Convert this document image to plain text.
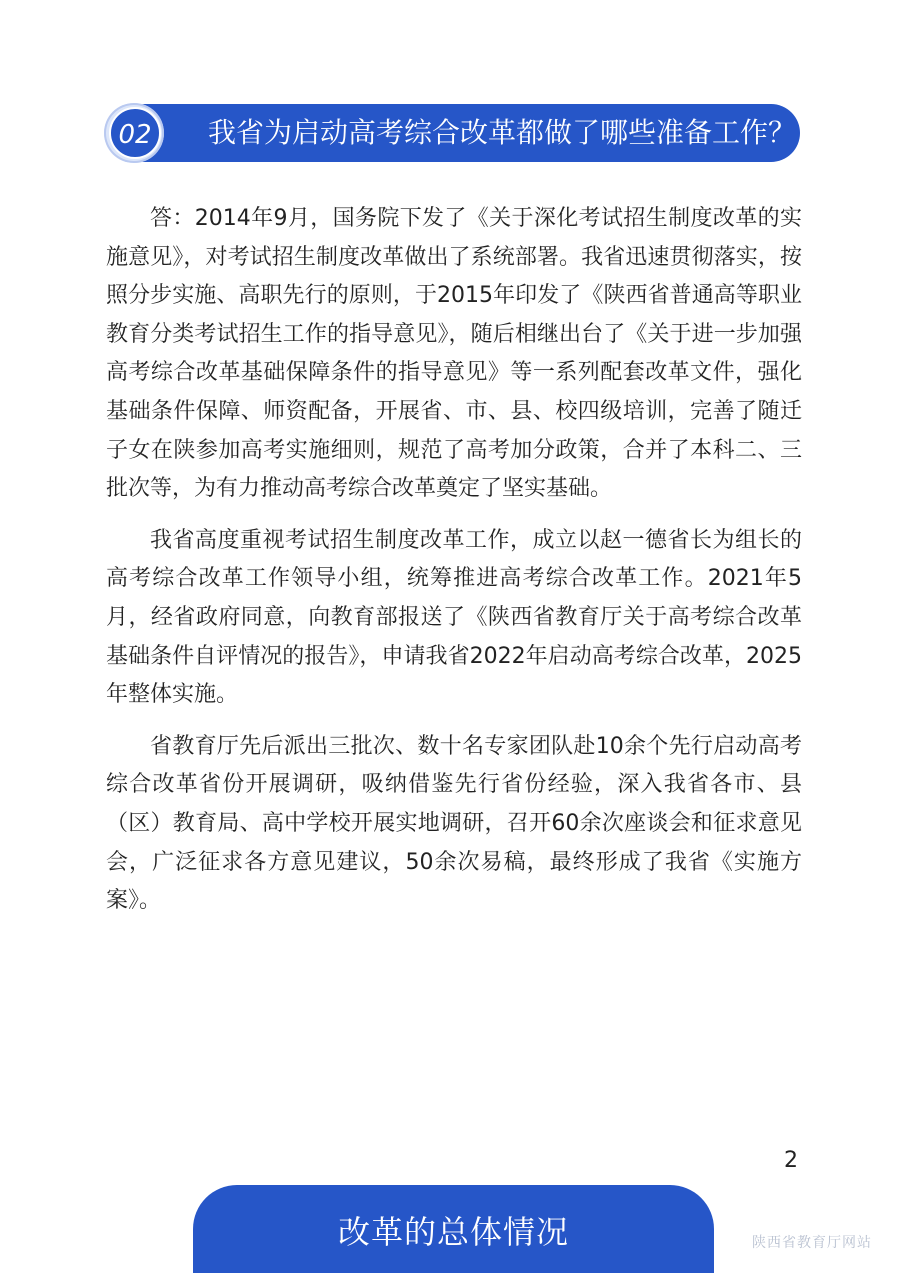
我省为启动高考综合改革都做了哪些准备工作？
02

答：2014年9月，国务院下发了《关于深化考试招生制度改革的实施意见》，对考试招生制度改革做出了系统部署。我省迅速贯彻落实，按照分步实施、高职先行的原则，于2015年印发了《陕西省普通高等职业教育分类考试招生工作的指导意见》，随后相继出台了《关于进一步加强高考综合改革基础保障条件的指导意见》等一系列配套改革文件，强化基础条件保障、师资配备，开展省、市、县、校四级培训，完善了随迁子女在陕参加高考实施细则，规范了高考加分政策，合并了本科二、三批次等，为有力推动高考综合改革奠定了坚实基础。

我省高度重视考试招生制度改革工作，成立以赵一德省长为组长的高考综合改革工作领导小组，统筹推进高考综合改革工作。2021年5月，经省政府同意，向教育部报送了《陕西省教育厅关于高考综合改革基础条件自评情况的报告》，申请我省2022年启动高考综合改革，2025年整体实施。

省教育厅先后派出三批次、数十名专家团队赴10余个先行启动高考综合改革省份开展调研，吸纳借鉴先行省份经验，深入我省各市、县（区）教育局、高中学校开展实地调研，召开60余次座谈会和征求意见会，广泛征求各方意见建议，50余次易稿，最终形成了我省《实施方案》。

2
改革的总体情况	陕西省教育厅网站
